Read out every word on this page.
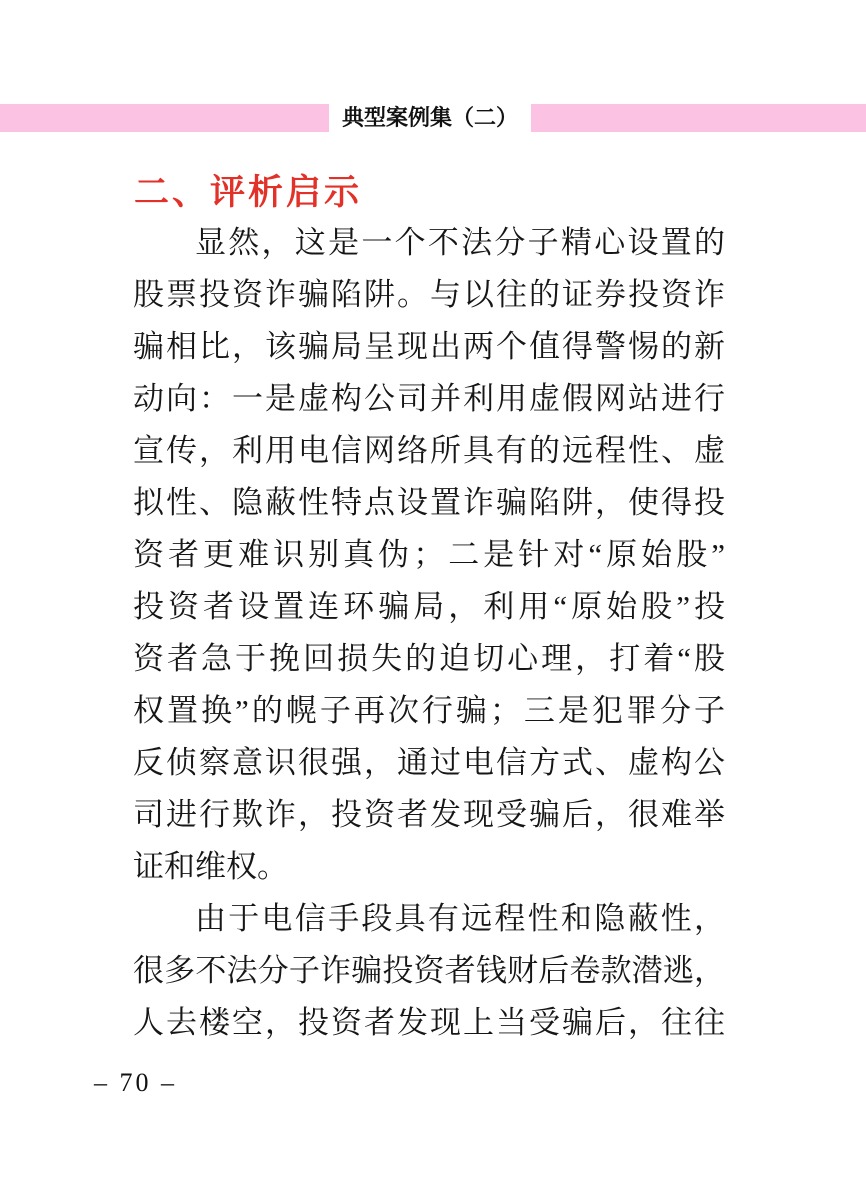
典型案例集（二）
二、评析启示
显然，这是一个不法分子精心设置的
股票投资诈骗陷阱。与以往的证券投资诈
骗相比，该骗局呈现出两个值得警惕的新
动向：一是虚构公司并利用虚假网站进行
宣传，利用电信网络所具有的远程性、虚
拟性、隐蔽性特点设置诈骗陷阱，使得投
资者更难识别真伪；二是针对“原始股”
投资者设置连环骗局，利用“原始股”投
资者急于挽回损失的迫切心理，打着“股
权置换”的幌子再次行骗；三是犯罪分子
反侦察意识很强，通过电信方式、虚构公
司进行欺诈，投资者发现受骗后，很难举
证和维权。
由于电信手段具有远程性和隐蔽性，
很多不法分子诈骗投资者钱财后卷款潜逃，
人去楼空，投资者发现上当受骗后，往往
– 70 –
